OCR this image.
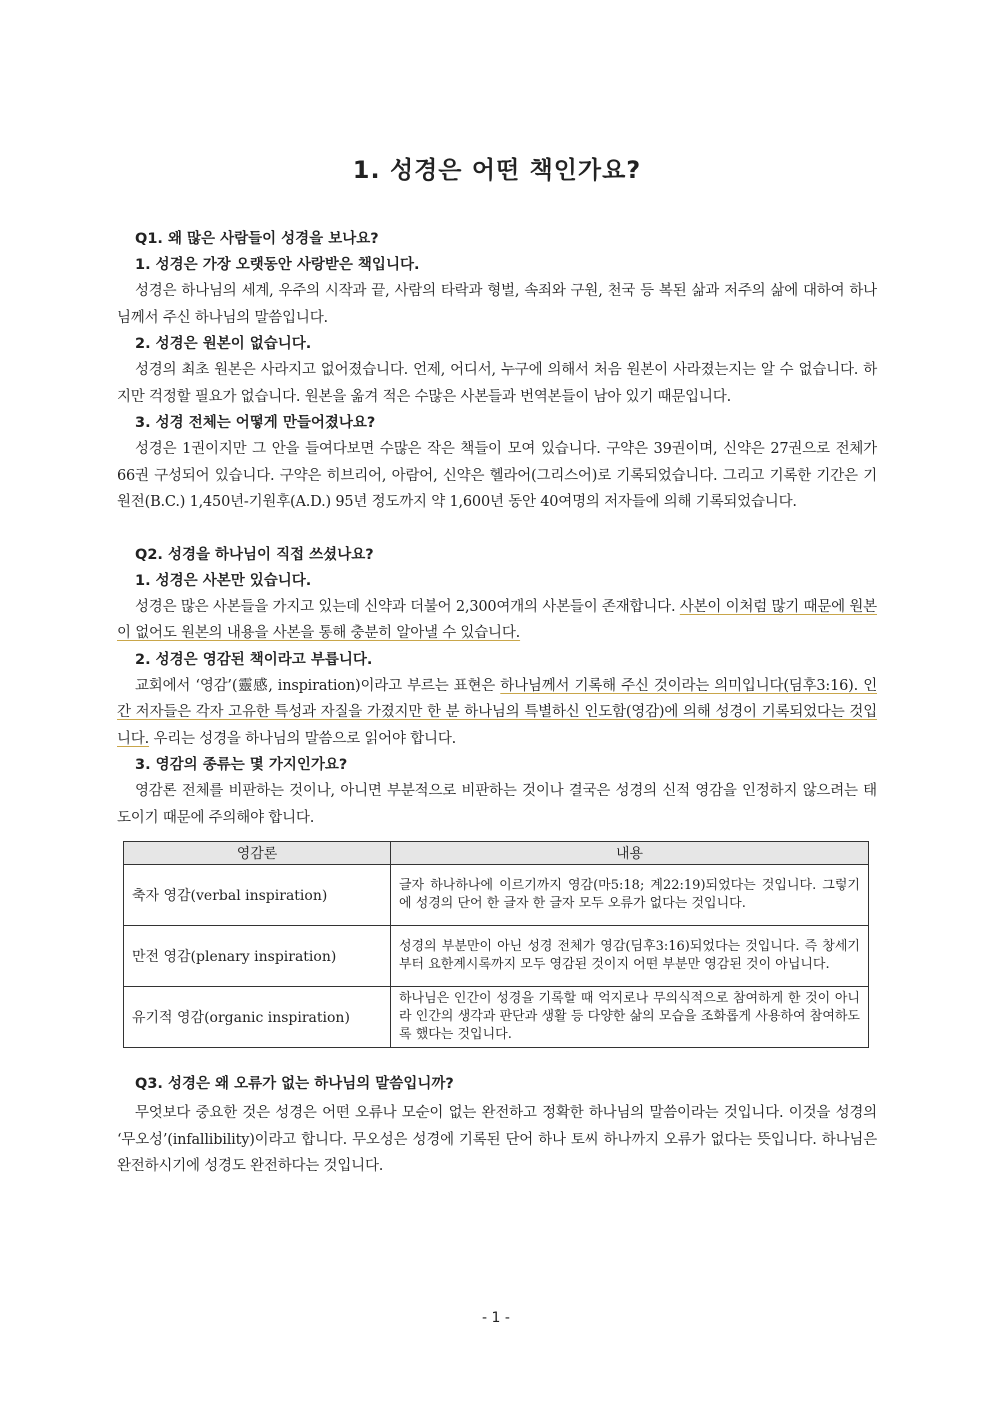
1. 성경은 어떤 책인가요?
Q1. 왜 많은 사람들이 성경을 보나요?
1. 성경은 가장 오랫동안 사랑받은 책입니다.
성경은 하나님의 세계, 우주의 시작과 끝, 사람의 타락과 형벌, 속죄와 구원, 천국 등 복된 삶과 저주의 삶에 대하여 하나님께서 주신 하나님의 말씀입니다.
2. 성경은 원본이 없습니다.
성경의 최초 원본은 사라지고 없어졌습니다. 언제, 어디서, 누구에 의해서 처음 원본이 사라졌는지는 알 수 없습니다. 하지만 걱정할 필요가 없습니다. 원본을 옮겨 적은 수많은 사본들과 번역본들이 남아 있기 때문입니다.
3. 성경 전체는 어떻게 만들어졌나요?
성경은 1권이지만 그 안을 들여다보면 수많은 작은 책들이 모여 있습니다. 구약은 39권이며, 신약은 27권으로 전체가 66권 구성되어 있습니다. 구약은 히브리어, 아람어, 신약은 헬라어(그리스어)로 기록되었습니다. 그리고 기록한 기간은 기원전(B.C.) 1,450년-기원후(A.D.) 95년 정도까지 약 1,600년 동안 40여명의 저자들에 의해 기록되었습니다.
Q2. 성경을 하나님이 직접 쓰셨나요?
1. 성경은 사본만 있습니다.
성경은 많은 사본들을 가지고 있는데 신약과 더불어 2,300여개의 사본들이 존재합니다. 사본이 이처럼 많기 때문에 원본이 없어도 원본의 내용을 사본을 통해 충분히 알아낼 수 있습니다.
2. 성경은 영감된 책이라고 부릅니다.
교회에서 ‘영감’(靈感, inspiration)이라고 부르는 표현은 하나님께서 기록해 주신 것이라는 의미입니다(딤후3:16). 인간 저자들은 각자 고유한 특성과 자질을 가졌지만 한 분 하나님의 특별하신 인도함(영감)에 의해 성경이 기록되었다는 것입니다. 우리는 성경을 하나님의 말씀으로 읽어야 합니다.
3. 영감의 종류는 몇 가지인가요?
영감론 전체를 비판하는 것이나, 아니면 부분적으로 비판하는 것이나 결국은 성경의 신적 영감을 인정하지 않으려는 태도이기 때문에 주의해야 합니다.
영감론	내용
축자 영감(verbal inspiration)	글자 하나하나에 이르기까지 영감(마5:18; 계22:19)되었다는 것입니다. 그렇기에 성경의 단어 한 글자 한 글자 모두 오류가 없다는 것입니다.
만전 영감(plenary inspiration)	성경의 부분만이 아닌 성경 전체가 영감(딤후3:16)되었다는 것입니다. 즉 창세기부터 요한계시록까지 모두 영감된 것이지 어떤 부분만 영감된 것이 아닙니다.
유기적 영감(organic inspiration)	하나님은 인간이 성경을 기록할 때 억지로나 무의식적으로 참여하게 한 것이 아니라 인간의 생각과 판단과 생활 등 다양한 삶의 모습을 조화롭게 사용하여 참여하도록 했다는 것입니다.
Q3. 성경은 왜 오류가 없는 하나님의 말씀입니까?
무엇보다 중요한 것은 성경은 어떤 오류나 모순이 없는 완전하고 정확한 하나님의 말씀이라는 것입니다. 이것을 성경의 ‘무오성’(infallibility)이라고 합니다. 무오성은 성경에 기록된 단어 하나 토씨 하나까지 오류가 없다는 뜻입니다. 하나님은 완전하시기에 성경도 완전하다는 것입니다.
- 1 -
